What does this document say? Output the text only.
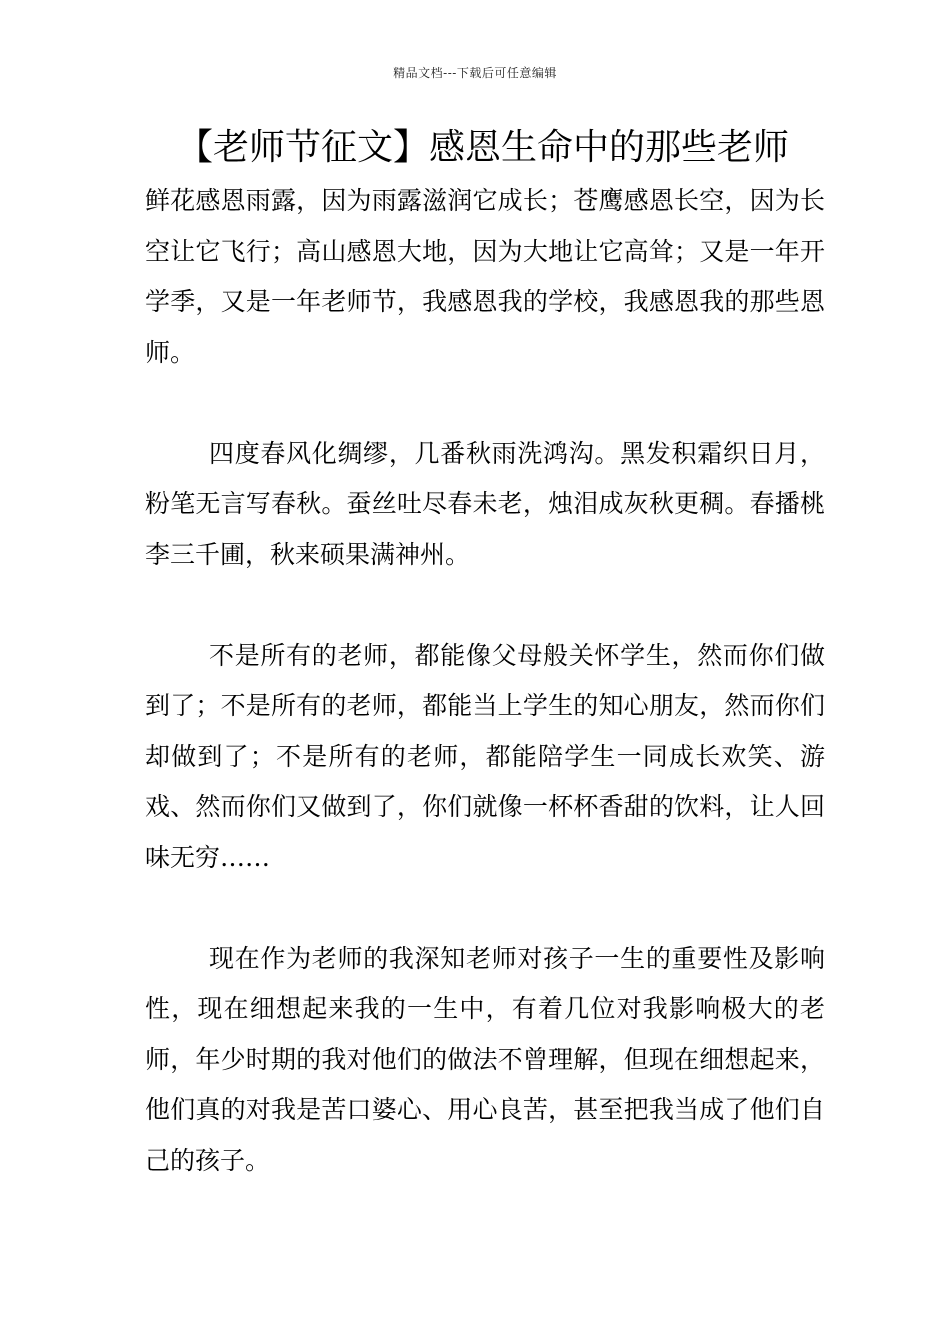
精品文档---下载后可任意编辑
【老师节征文】感恩生命中的那些老师

鲜花感恩雨露，因为雨露滋润它成长；苍鹰感恩长空，因为长空让它飞行；高山感恩大地，因为大地让它高耸；又是一年开学季，又是一年老师节，我感恩我的学校，我感恩我的那些恩师。

四度春风化绸缪，几番秋雨洗鸿沟。黑发积霜织日月，粉笔无言写春秋。蚕丝吐尽春未老，烛泪成灰秋更稠。春播桃李三千圃，秋来硕果满神州。

不是所有的老师，都能像父母般关怀学生，然而你们做到了；不是所有的老师，都能当上学生的知心朋友，然而你们却做到了；不是所有的老师，都能陪学生一同成长欢笑、游戏、然而你们又做到了，你们就像一杯杯香甜的饮料，让人回味无穷……

现在作为老师的我深知老师对孩子一生的重要性及影响性，现在细想起来我的一生中，有着几位对我影响极大的老师，年少时期的我对他们的做法不曾理解，但现在细想起来，他们真的对我是苦口婆心、用心良苦，甚至把我当成了他们自己的孩子。
